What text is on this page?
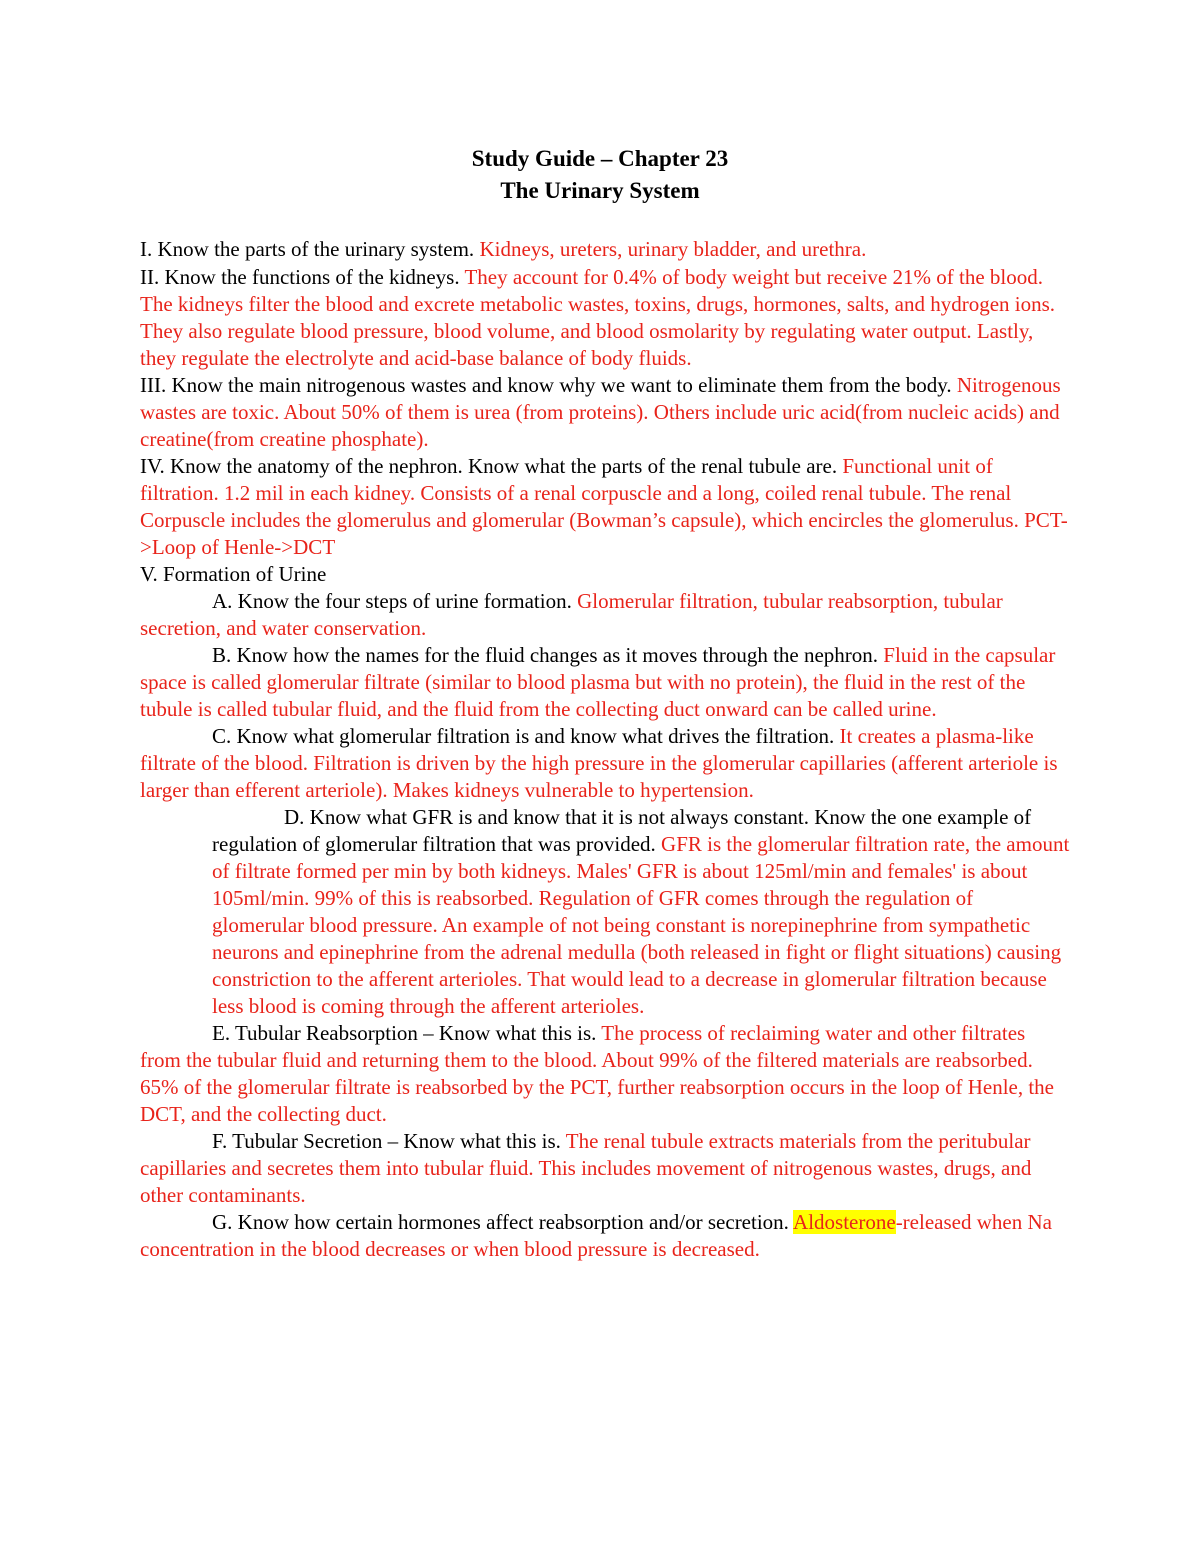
Study Guide – Chapter 23
The Urinary System

I. Know the parts of the urinary system. Kidneys, ureters, urinary bladder, and urethra.

II. Know the functions of the kidneys. They account for 0.4% of body weight but receive 21% of the blood. The kidneys filter the blood and excrete metabolic wastes, toxins, drugs, hormones, salts, and hydrogen ions. They also regulate blood pressure, blood volume, and blood osmolarity by regulating water output. Lastly, they regulate the electrolyte and acid-base balance of body fluids.

III. Know the main nitrogenous wastes and know why we want to eliminate them from the body. Nitrogenous wastes are toxic. About 50% of them is urea (from proteins). Others include uric acid(from nucleic acids) and creatine(from creatine phosphate).

IV. Know the anatomy of the nephron. Know what the parts of the renal tubule are. Functional unit of filtration. 1.2 mil in each kidney. Consists of a renal corpuscle and a long, coiled renal tubule. The renal Corpuscle includes the glomerulus and glomerular (Bowman’s capsule), which encircles the glomerulus. PCT->Loop of Henle->DCT

V. Formation of Urine

A. Know the four steps of urine formation. Glomerular filtration, tubular reabsorption, tubular secretion, and water conservation.

B. Know how the names for the fluid changes as it moves through the nephron. Fluid in the capsular space is called glomerular filtrate (similar to blood plasma but with no protein), the fluid in the rest of the tubule is called tubular fluid, and the fluid from the collecting duct onward can be called urine.

C. Know what glomerular filtration is and know what drives the filtration. It creates a plasma-like filtrate of the blood. Filtration is driven by the high pressure in the glomerular capillaries (afferent arteriole is larger than efferent arteriole). Makes kidneys vulnerable to hypertension.

D. Know what GFR is and know that it is not always constant. Know the one example of regulation of glomerular filtration that was provided. GFR is the glomerular filtration rate, the amount of filtrate formed per min by both kidneys. Males' GFR is about 125ml/min and females' is about 105ml/min. 99% of this is reabsorbed. Regulation of GFR comes through the regulation of glomerular blood pressure. An example of not being constant is norepinephrine from sympathetic neurons and epinephrine from the adrenal medulla (both released in fight or flight situations) causing constriction to the afferent arterioles. That would lead to a decrease in glomerular filtration because less blood is coming through the afferent arterioles.

E. Tubular Reabsorption – Know what this is. The process of reclaiming water and other filtrates from the tubular fluid and returning them to the blood. About 99% of the filtered materials are reabsorbed. 65% of the glomerular filtrate is reabsorbed by the PCT, further reabsorption occurs in the loop of Henle, the DCT, and the collecting duct.

F. Tubular Secretion – Know what this is. The renal tubule extracts materials from the peritubular capillaries and secretes them into tubular fluid. This includes movement of nitrogenous wastes, drugs, and other contaminants.

G. Know how certain hormones affect reabsorption and/or secretion. Aldosterone-released when Na concentration in the blood decreases or when blood pressure is decreased.
